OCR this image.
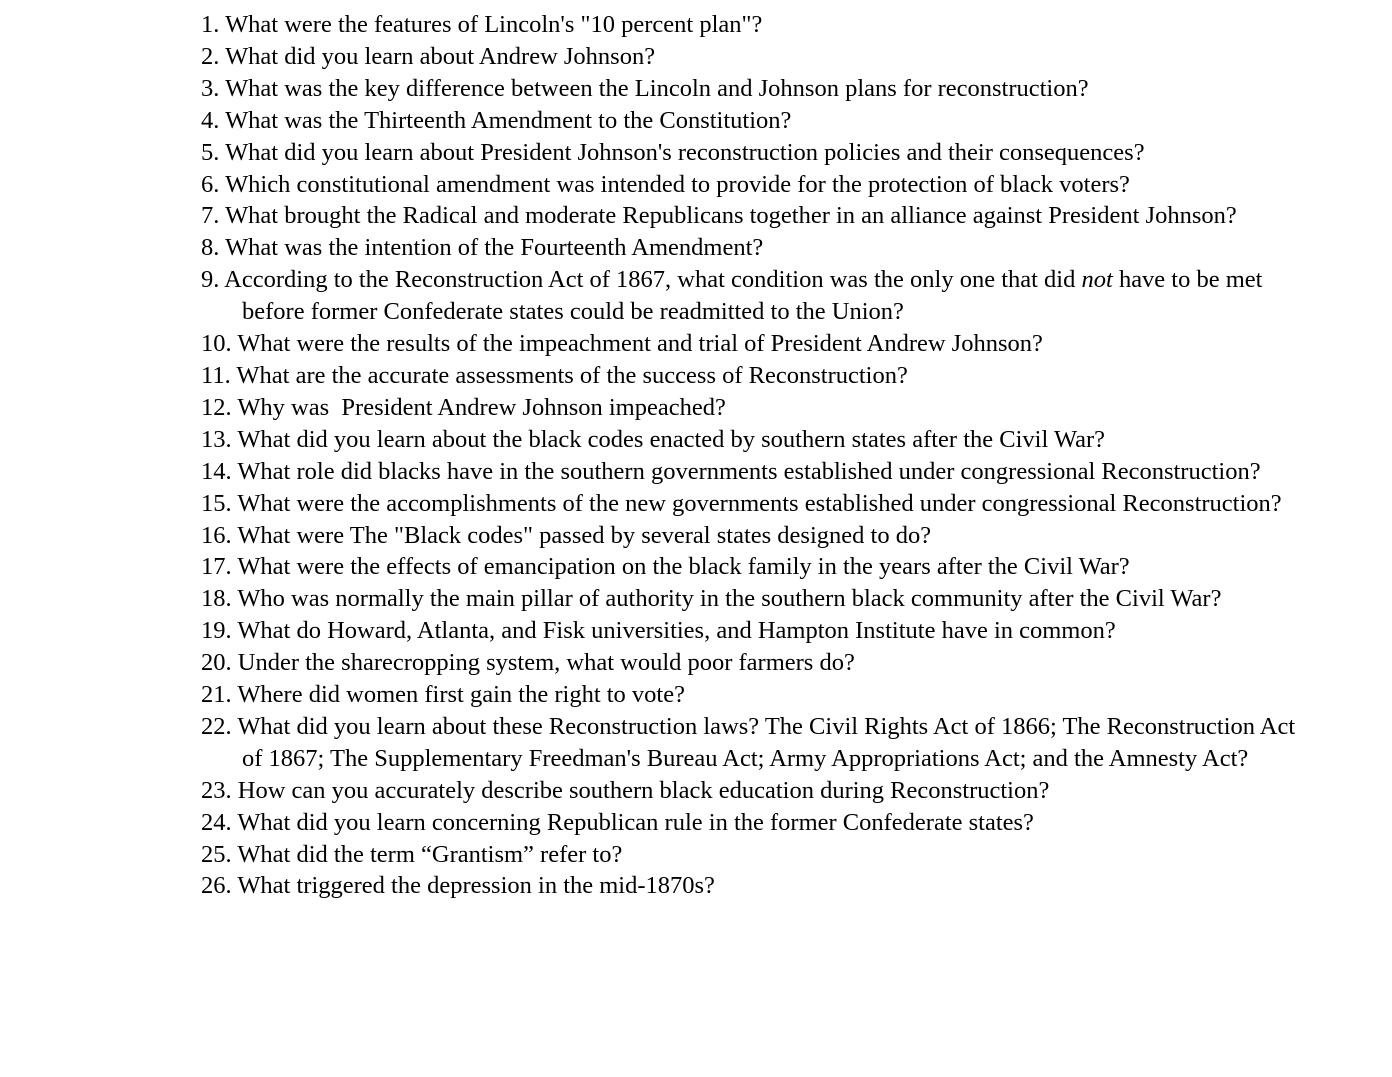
1. What were the features of Lincoln's "10 percent plan"?
2. What did you learn about Andrew Johnson?
3. What was the key difference between the Lincoln and Johnson plans for reconstruction?
4. What was the Thirteenth Amendment to the Constitution?
5. What did you learn about President Johnson's reconstruction policies and their consequences?
6. Which constitutional amendment was intended to provide for the protection of black voters?
7. What brought the Radical and moderate Republicans together in an alliance against President Johnson?
8. What was the intention of the Fourteenth Amendment?
9. According to the Reconstruction Act of 1867, what condition was the only one that did not have to be met before former Confederate states could be readmitted to the Union?
10. What were the results of the impeachment and trial of President Andrew Johnson?
11. What are the accurate assessments of the success of Reconstruction?
12. Why was  President Andrew Johnson impeached?
13. What did you learn about the black codes enacted by southern states after the Civil War?
14. What role did blacks have in the southern governments established under congressional Reconstruction?
15. What were the accomplishments of the new governments established under congressional Reconstruction?
16. What were The "Black codes" passed by several states designed to do?
17. What were the effects of emancipation on the black family in the years after the Civil War?
18. Who was normally the main pillar of authority in the southern black community after the Civil War?
19. What do Howard, Atlanta, and Fisk universities, and Hampton Institute have in common?
20. Under the sharecropping system, what would poor farmers do?
21. Where did women first gain the right to vote?
22. What did you learn about these Reconstruction laws? The Civil Rights Act of 1866; The Reconstruction Act of 1867; The Supplementary Freedman's Bureau Act; Army Appropriations Act; and the Amnesty Act?
23. How can you accurately describe southern black education during Reconstruction?
24. What did you learn concerning Republican rule in the former Confederate states?
25. What did the term “Grantism” refer to?
26. What triggered the depression in the mid-1870s?
